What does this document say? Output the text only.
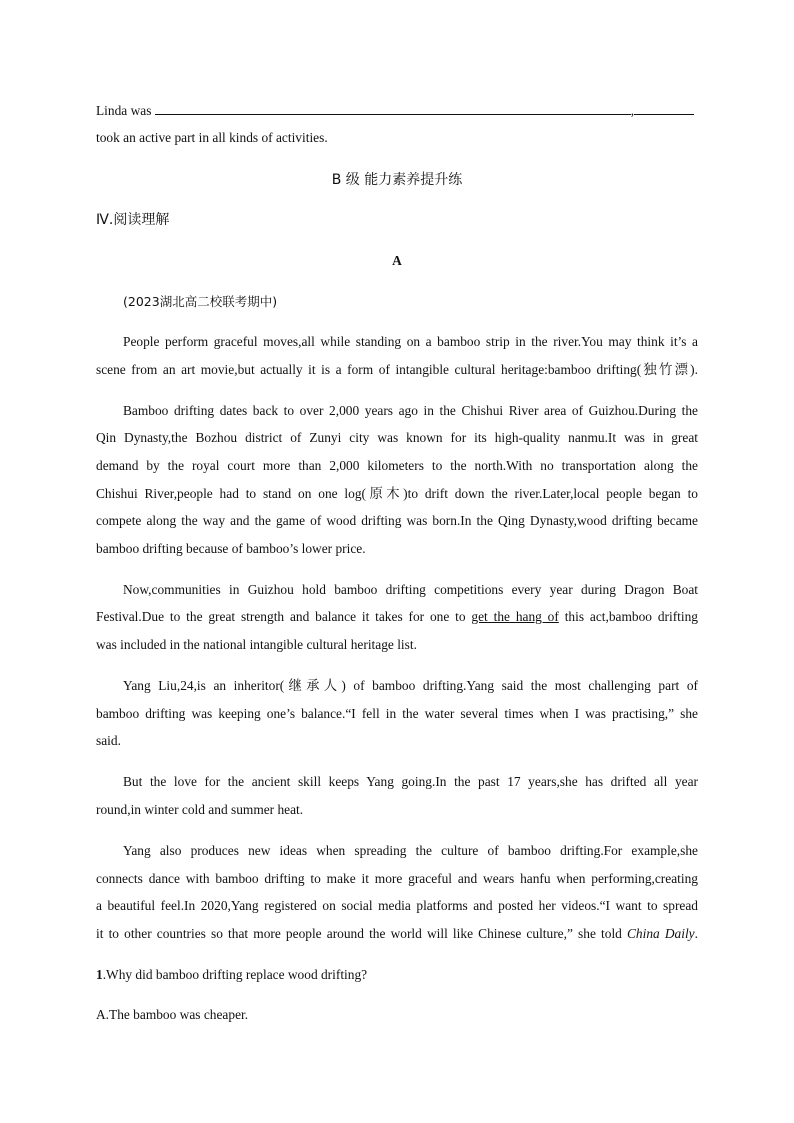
Linda was	,
took an active part in all kinds of activities.
B 级 能力素养提升练
Ⅳ.阅读理解
A
(2023湖北高二校联考期中)
People perform graceful moves,all while standing on a bamboo strip in the river.You may think it’s a
scene from an art movie,but actually it is a form of intangible cultural heritage:bamboo drifting(独竹漂).
Bamboo drifting dates back to over 2,000 years ago in the Chishui River area of Guizhou.During the
Qin Dynasty,the Bozhou district of Zunyi city was known for its high-quality nanmu.It was in great
demand by the royal court more than 2,000 kilometers to the north.With no transportation along the
Chishui River,people had to stand on one log(原木)to drift down the river.Later,local people began to
compete along the way and the game of wood drifting was born.In the Qing Dynasty,wood drifting became
bamboo drifting because of bamboo’s lower price.
Now,communities in Guizhou hold bamboo drifting competitions every year during Dragon Boat
Festival.Due to the great strength and balance it takes for one to get the hang of this act,bamboo drifting
was included in the national intangible cultural heritage list.
Yang Liu,24,is an inheritor(继承人) of bamboo drifting.Yang said the most challenging part of
bamboo drifting was keeping one’s balance.“I fell in the water several times when I was practising,” she
said.
But the love for the ancient skill keeps Yang going.In the past 17 years,she has drifted all year
round,in winter cold and summer heat.
Yang also produces new ideas when spreading the culture of bamboo drifting.For example,she
connects dance with bamboo drifting to make it more graceful and wears hanfu when performing,creating
a beautiful feel.In 2020,Yang registered on social media platforms and posted her videos.“I want to spread
it to other countries so that more people around the world will like Chinese culture,” she told China Daily.
1.Why did bamboo drifting replace wood drifting?
A.The bamboo was cheaper.
